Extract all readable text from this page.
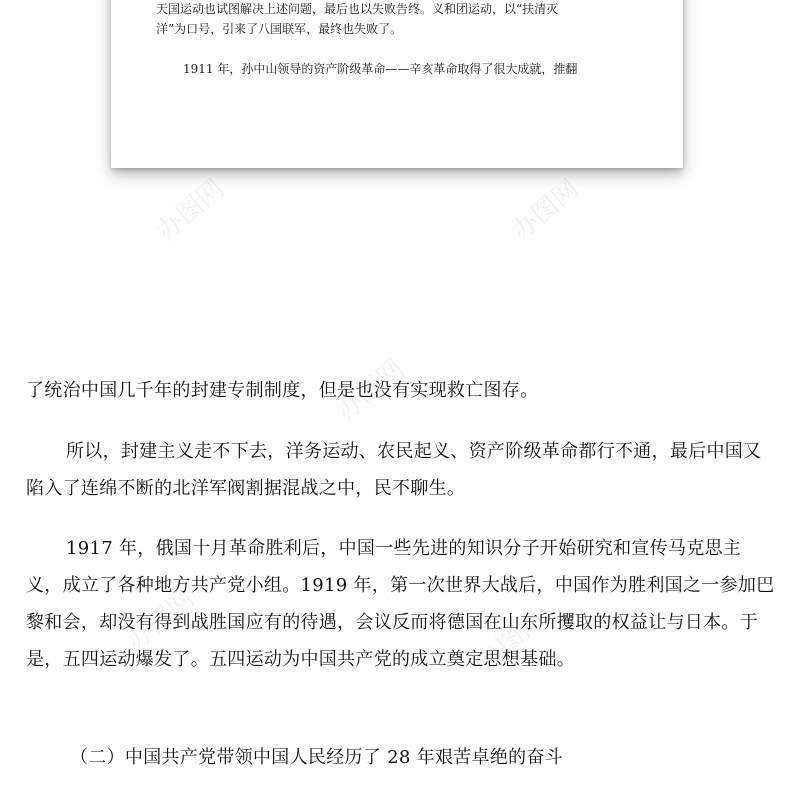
天国运动也试图解决上述问题，最后也以失败告终。义和团运动，以“扶清灭

洋”为口号，引来了八国联军，最终也失败了。

1911 年，孙中山领导的资产阶级革命——辛亥革命取得了很大成就，推翻

了统治中国几千年的封建专制制度，但是也没有实现救亡图存。

所以，封建主义走不下去，洋务运动、农民起义、资产阶级革命都行不通，最后中国又陷入了连绵不断的北洋军阀割据混战之中，民不聊生。

1917 年，俄国十月革命胜利后，中国一些先进的知识分子开始研究和宣传马克思主义，成立了各种地方共产党小组。1919 年，第一次世界大战后，中国作为胜利国之一参加巴黎和会，却没有得到战胜国应有的待遇，会议反而将德国在山东所攫取的权益让与日本。于是，五四运动爆发了。五四运动为中国共产党的成立奠定思想基础。

（二）中国共产党带领中国人民经历了 28 年艰苦卓绝的奋斗

办图网	办图网
办图网
办图网	办图网
